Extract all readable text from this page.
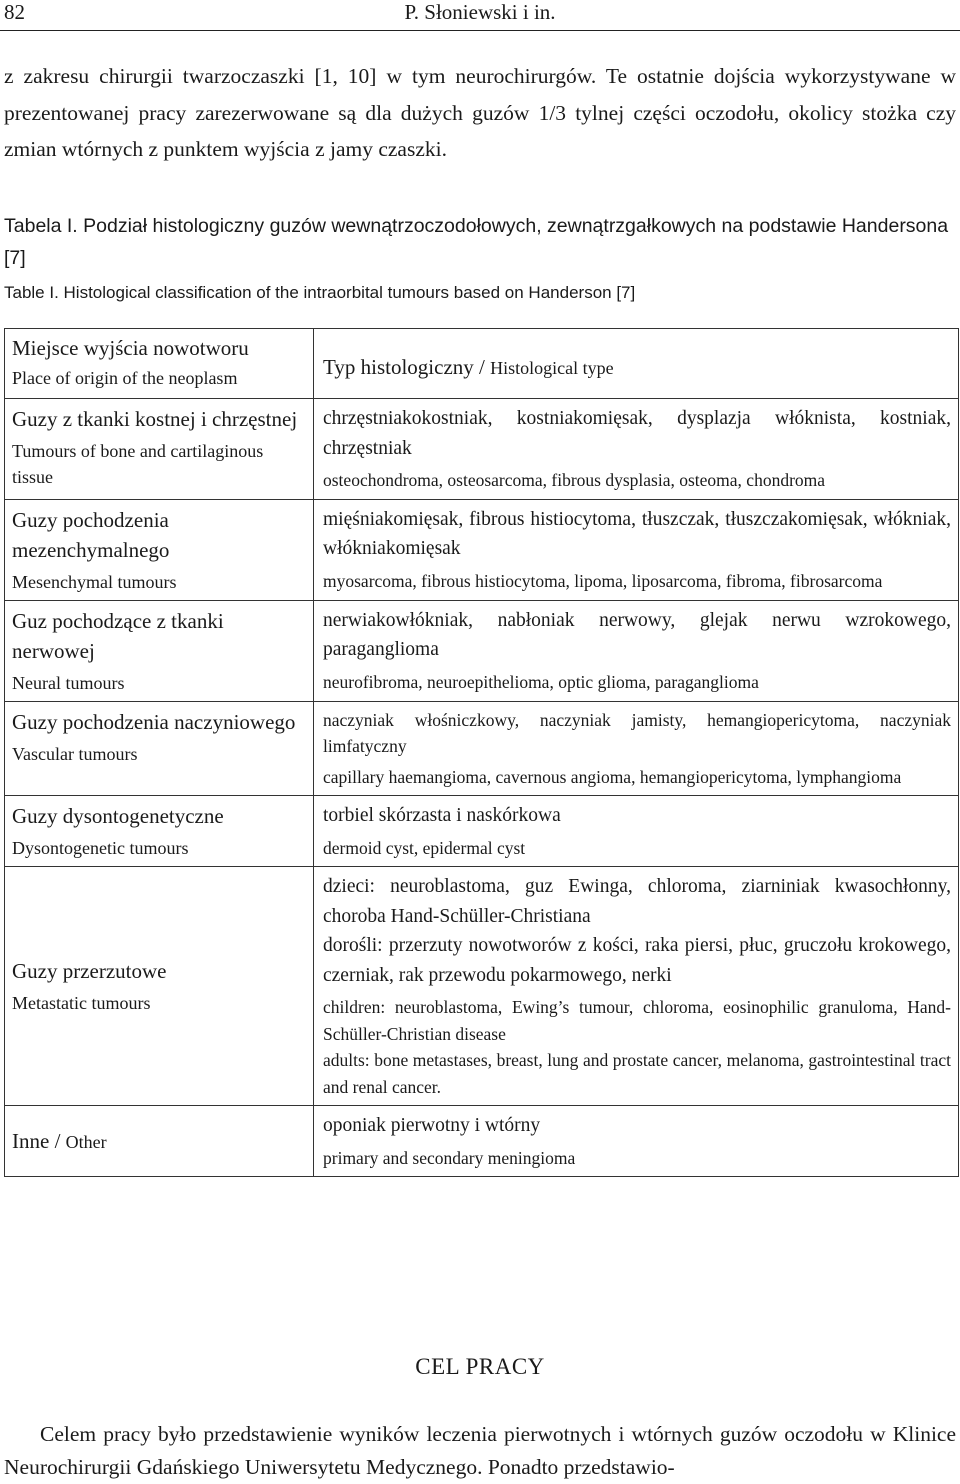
82	P. Słoniewski i in.

z zakresu chirurgii twarzoczaszki [1, 10] w tym neurochirurgów. Te ostatnie dojścia wykorzystywane w prezentowanej pracy zarezerwowane są dla dużych guzów 1/3 tylnej części oczodołu, okolicy stożka czy zmian wtórnych z punktem wyjścia z jamy czaszki.

Tabela I. Podział histologiczny guzów wewnątrzoczodołowych, zewnątrzgałkowych na podstawie Handersona [7]

Table I. Histological classification of the intraorbital tumours based on Handerson [7]

Miejsce wyjścia nowotworu
Place of origin of the neoplasm	Typ histologiczny / Histological type

Guzy z tkanki kostnej i chrzęstnej
Tumours of bone and cartilaginous tissue	chrzęstniakokostniak, kostniakomięsak, dysplazja włóknista, kostniak, chrzęstniak
osteochondroma, osteosarcoma, fibrous dysplasia, osteoma, chondroma

Guzy pochodzenia mezenchymalnego
Mesenchymal tumours	mięśniakomięsak, fibrous histiocytoma, tłuszczak, tłuszczakomięsak, włókniak, włókniakomięsak
myosarcoma, fibrous histiocytoma, lipoma, liposarcoma, fibroma, fibrosarcoma

Guz pochodzące z tkanki nerwowej
Neural tumours	nerwiakowłókniak, nabłoniak nerwowy, glejak nerwu wzrokowego, paraganglioma
neurofibroma, neuroepithelioma, optic glioma, paraganglioma

Guzy pochodzenia naczyniowego
Vascular tumours	naczyniak włośniczkowy, naczyniak jamisty, hemangiopericytoma, naczyniak limfatyczny
capillary haemangioma, cavernous angioma, hemangiopericytoma, lymphangioma

Guzy dysontogenetyczne
Dysontogenetic tumours	torbiel skórzasta i naskórkowa
dermoid cyst, epidermal cyst

Guzy przerzutowe
Metastatic tumours	dzieci: neuroblastoma, guz Ewinga, chloroma, ziarniniak kwasochłonny, choroba Hand-Schüller-Christiana
dorośli: przerzuty nowotworów z kości, raka piersi, płuc, gruczołu krokowego, czerniak, rak przewodu pokarmowego, nerki
children: neuroblastoma, Ewing’s tumour, chloroma, eosinophilic granuloma, Hand-Schüller-Christian disease
adults: bone metastases, breast, lung and prostate cancer, melanoma, gastrointestinal tract and renal cancer.

Inne / Other	oponiak pierwotny i wtórny
primary and secondary meningioma
CEL PRACY

Celem pracy było przedstawienie wyników leczenia pierwotnych i wtórnych guzów oczodołu w Klinice Neurochirurgii Gdańskiego Uniwersytetu Medycznego. Ponadto przedstawio-
